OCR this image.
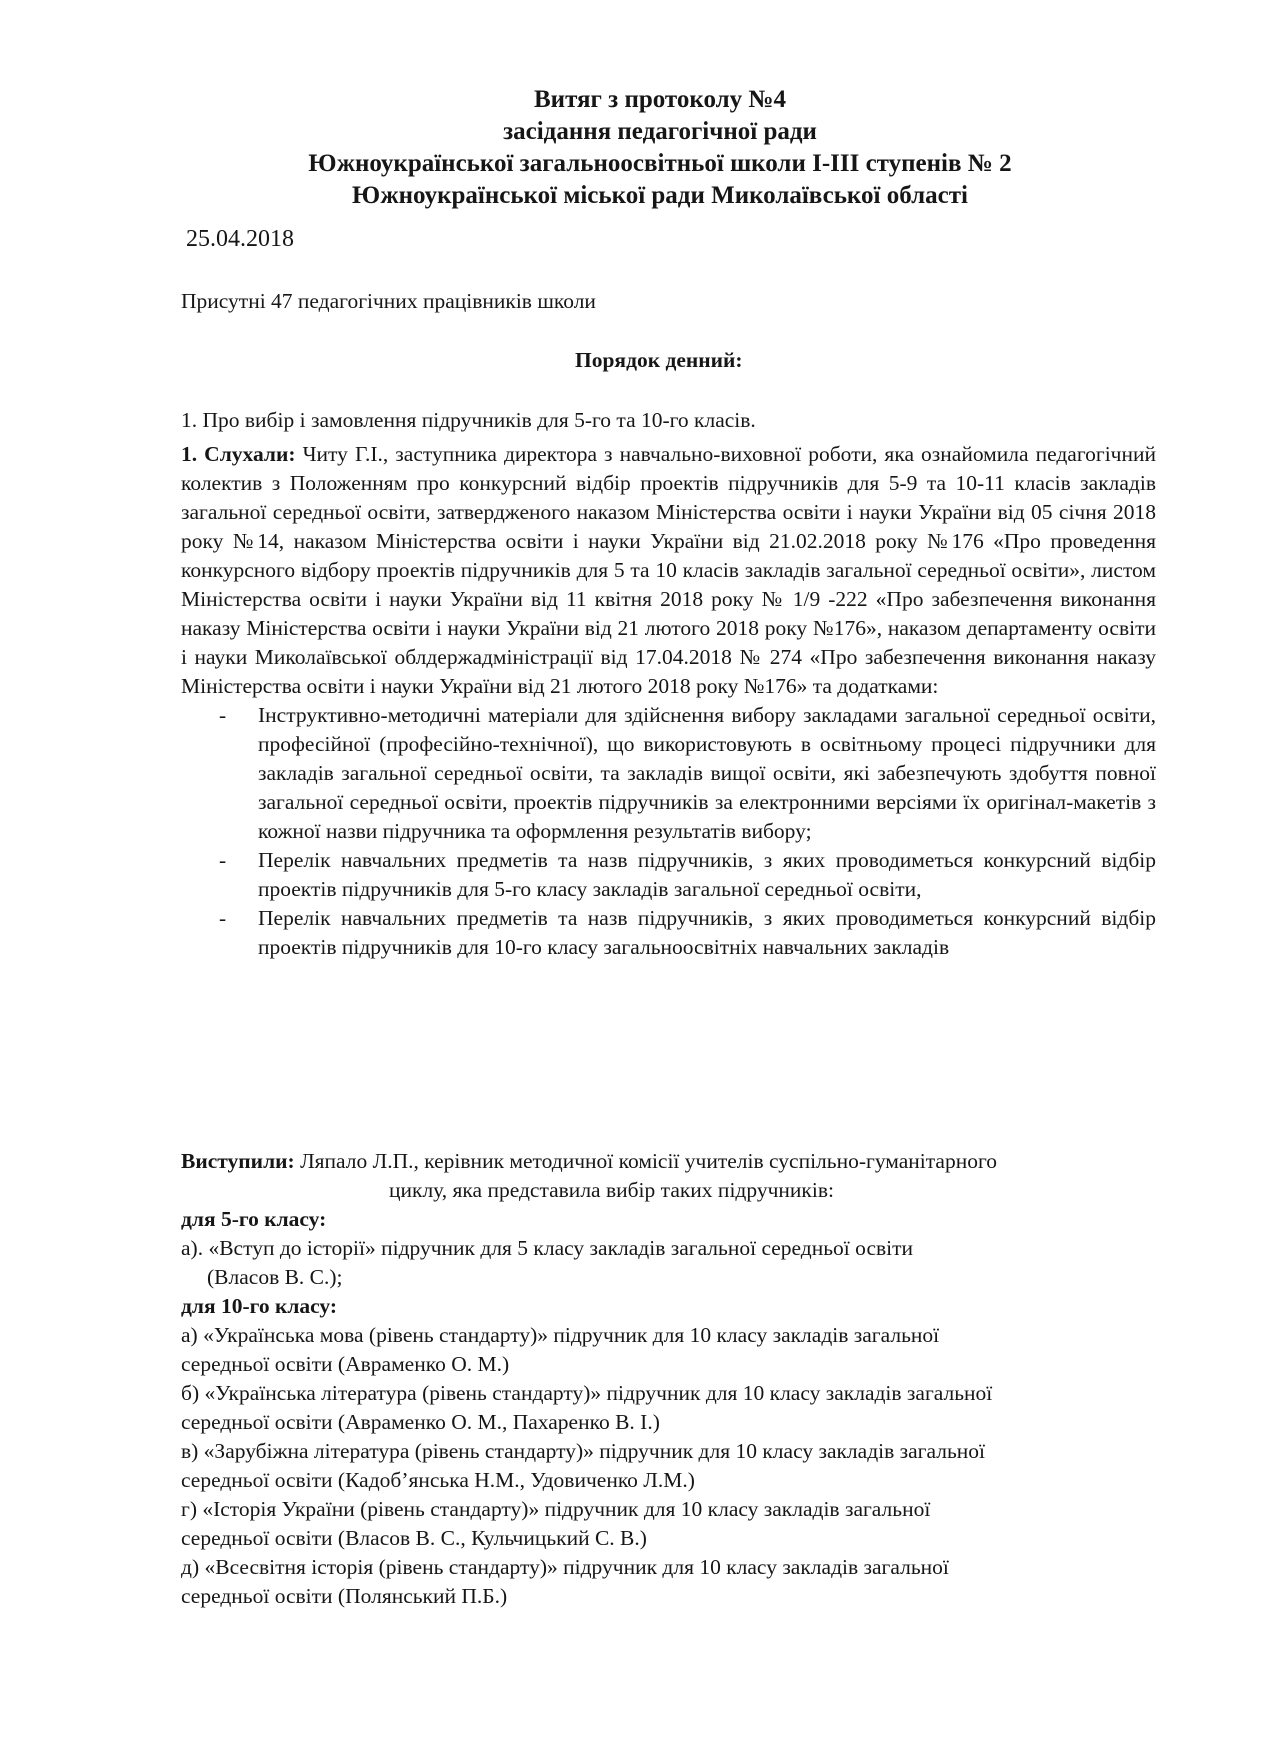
Витяг з протоколу №4
засідання педагогічної ради
Южноукраїнської загальноосвітньої школи І-ІІІ ступенів № 2
Южноукраїнської міської ради Миколаївської області
25.04.2018
Присутні 47 педагогічних працівників школи
Порядок денний:
1. Про вибір і замовлення підручників для 5-го та 10-го класів.

1. Слухали: Читу Г.І., заступника директора з навчально-виховної роботи, яка ознайомила педагогічний колектив з Положенням про конкурсний відбір проектів підручників для 5-9 та 10-11 класів закладів загальної середньої освіти, затвердженого наказом Міністерства освіти і науки України від 05 січня 2018 року №14, наказом Міністерства освіти і науки України від 21.02.2018 року №176 «Про проведення конкурсного відбору проектів підручників для 5 та 10 класів закладів загальної середньої освіти», листом Міністерства освіти і науки України від 11 квітня 2018 року № 1/9 -222 «Про забезпечення виконання наказу Міністерства освіти і науки України від 21 лютого 2018 року №176», наказом департаменту освіти і науки Миколаївської облдержадміністрації від 17.04.2018 № 274 «Про забезпечення виконання наказу Міністерства освіти і науки України від 21 лютого 2018 року №176» та додатками:

- Інструктивно-методичні матеріали для здійснення вибору закладами загальної середньої освіти, професійної (професійно-технічної), що використовують в освітньому процесі підручники для закладів загальної середньої освіти, та закладів вищої освіти, які забезпечують здобуття повної загальної середньої освіти, проектів підручників за електронними версіями їх оригінал-макетів з кожної назви підручника та оформлення результатів вибору;
- Перелік навчальних предметів та назв підручників, з яких проводиметься конкурсний відбір проектів підручників для 5-го класу закладів загальної середньої освіти,
- Перелік навчальних предметів та назв підручників, з яких проводиметься конкурсний відбір проектів підручників для 10-го класу загальноосвітніх навчальних закладів
Виступили: Ляпало Л.П., керівник методичної комісії учителів суспільно-гуманітарного
циклу, яка представила вибір таких підручників:
для 5-го класу:
а). «Вступ до історії» підручник для 5 класу закладів загальної середньої освіти
(Власов В. С.);
для 10-го класу:
а) «Українська мова (рівень стандарту)» підручник для 10 класу закладів загальної
середньої освіти (Авраменко О. М.)
б) «Українська література (рівень стандарту)» підручник для 10 класу закладів загальної
середньої освіти (Авраменко О. М., Пахаренко В. І.)
в) «Зарубіжна література (рівень стандарту)» підручник для 10 класу закладів загальної
середньої освіти (Кадоб’янська Н.М., Удовиченко Л.М.)
г) «Історія України (рівень стандарту)» підручник для 10 класу закладів загальної
середньої освіти (Власов В. С., Кульчицький С. В.)
д) «Всесвітня історія (рівень стандарту)» підручник для 10 класу закладів загальної
середньої освіти (Полянський П.Б.)
